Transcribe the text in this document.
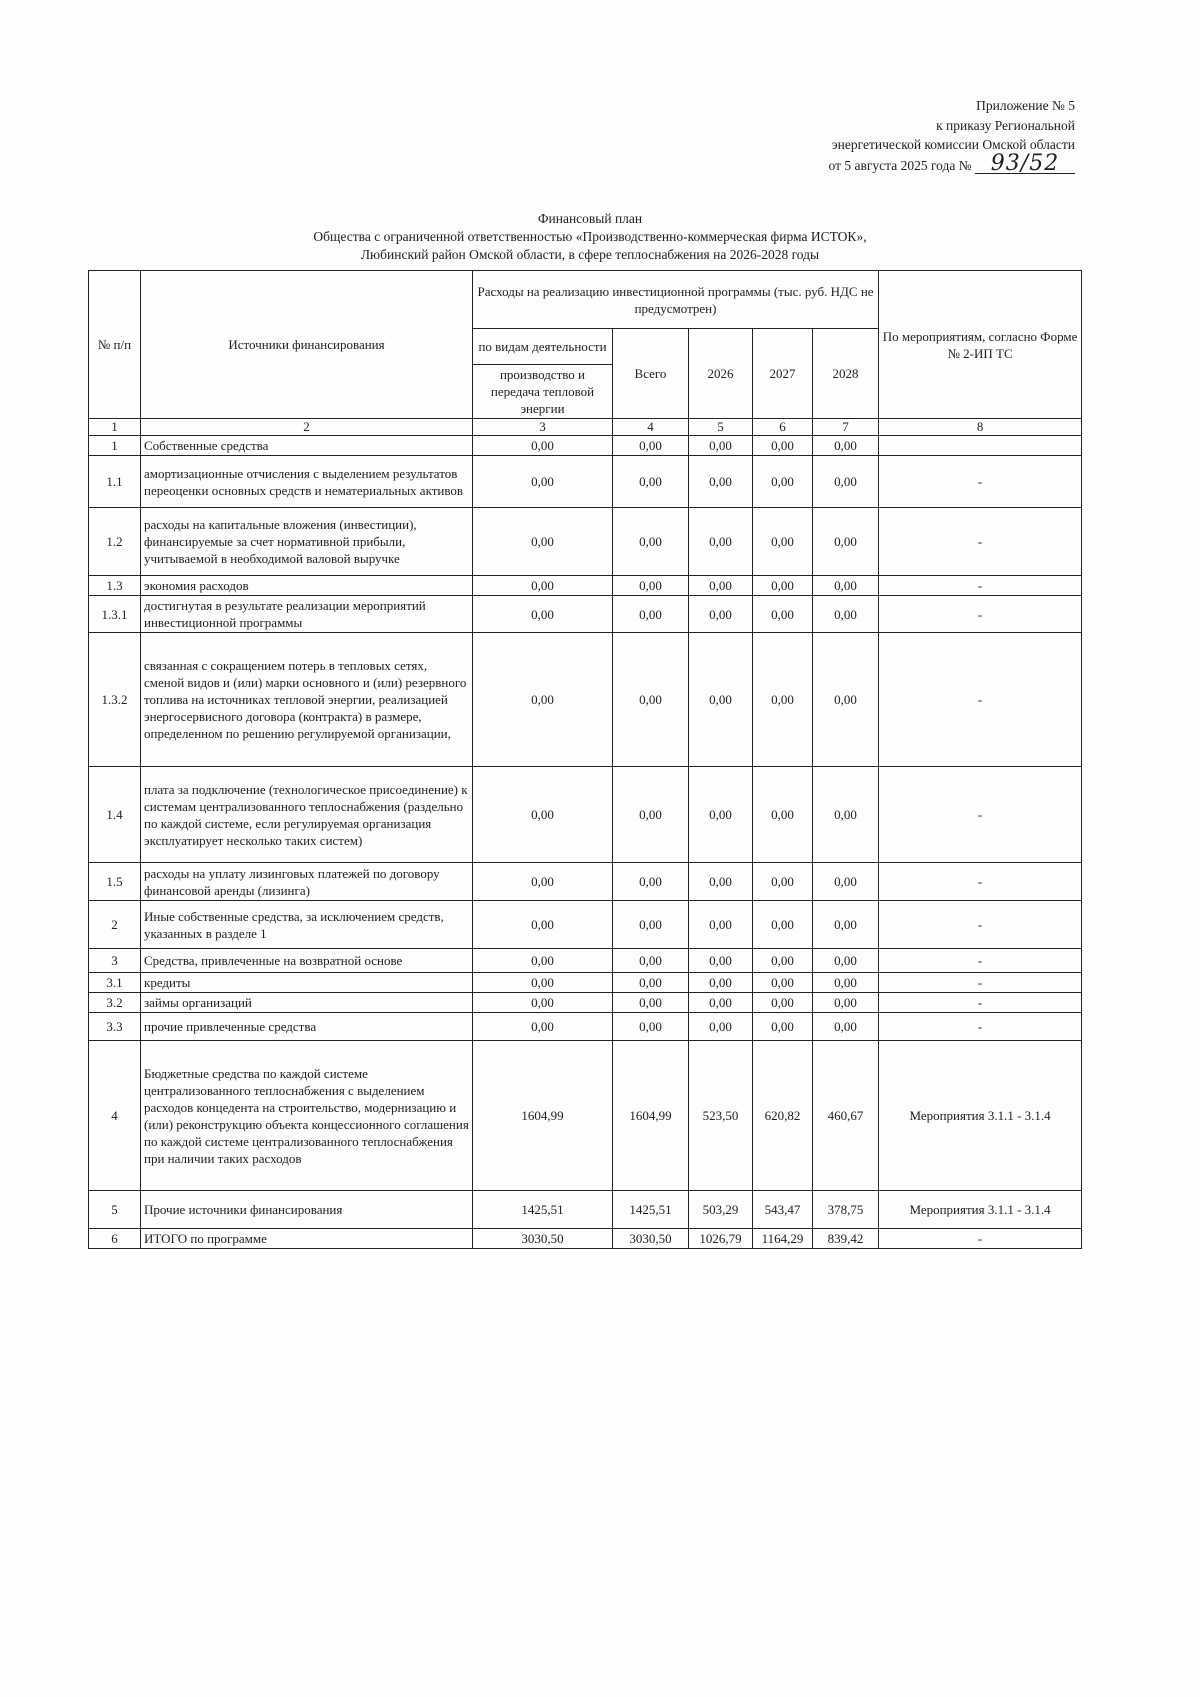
Приложение № 5
к приказу Региональной
энергетической комиссии Омской области
от 5 августа 2025 года № 93/52
Финансовый план
Общества с ограниченной ответственностью «Производственно-коммерческая фирма ИСТОК»,
Любинский район Омской области, в сфере теплоснабжения на 2026-2028 годы
№ п/п	Источники финансирования	Расходы на реализацию инвестиционной программы (тыс. руб. НДС не предусмотрен)					По мероприятиям, согласно Форме № 2-ИП ТС
		по видам деятельности	Всего	2026	2027	2028	
		производство и передача тепловой энергии					
1	2	3	4	5	6	7	8
1	Собственные средства	0,00	0,00	0,00	0,00	0,00	
1.1	амортизационные отчисления с выделением результатов переоценки основных средств и нематериальных активов	0,00	0,00	0,00	0,00	0,00	-
1.2	расходы на капитальные вложения (инвестиции), финансируемые за счет нормативной прибыли, учитываемой в необходимой валовой выручке	0,00	0,00	0,00	0,00	0,00	-
1.3	экономия расходов	0,00	0,00	0,00	0,00	0,00	-
1.3.1	достигнутая в результате реализации мероприятий инвестиционной программы	0,00	0,00	0,00	0,00	0,00	-
1.3.2	связанная с сокращением потерь в тепловых сетях, сменой видов и (или) марки основного и (или) резервного топлива на источниках тепловой энергии, реализацией энергосервисного договора (контракта) в размере, определенном по решению регулируемой организации,	0,00	0,00	0,00	0,00	0,00	-
1.4	плата за подключение (технологическое присоединение) к системам централизованного теплоснабжения (раздельно по каждой системе, если регулируемая организация эксплуатирует несколько таких систем)	0,00	0,00	0,00	0,00	0,00	-
1.5	расходы на уплату лизинговых платежей по договору финансовой аренды (лизинга)	0,00	0,00	0,00	0,00	0,00	-
2	Иные собственные средства, за исключением средств, указанных в разделе 1	0,00	0,00	0,00	0,00	0,00	-
3	Средства, привлеченные на возвратной основе	0,00	0,00	0,00	0,00	0,00	-
3.1	кредиты	0,00	0,00	0,00	0,00	0,00	-
3.2	займы организаций	0,00	0,00	0,00	0,00	0,00	-
3.3	прочие привлеченные средства	0,00	0,00	0,00	0,00	0,00	-
4	Бюджетные средства по каждой системе централизованного теплоснабжения с выделением расходов концедента на строительство, модернизацию и (или) реконструкцию объекта концессионного соглашения по каждой системе централизованного теплоснабжения при наличии таких расходов	1604,99	1604,99	523,50	620,82	460,67	Мероприятия 3.1.1 - 3.1.4
5	Прочие источники финансирования	1425,51	1425,51	503,29	543,47	378,75	Мероприятия 3.1.1 - 3.1.4
6	ИТОГО по программе	3030,50	3030,50	1026,79	1164,29	839,42	-
